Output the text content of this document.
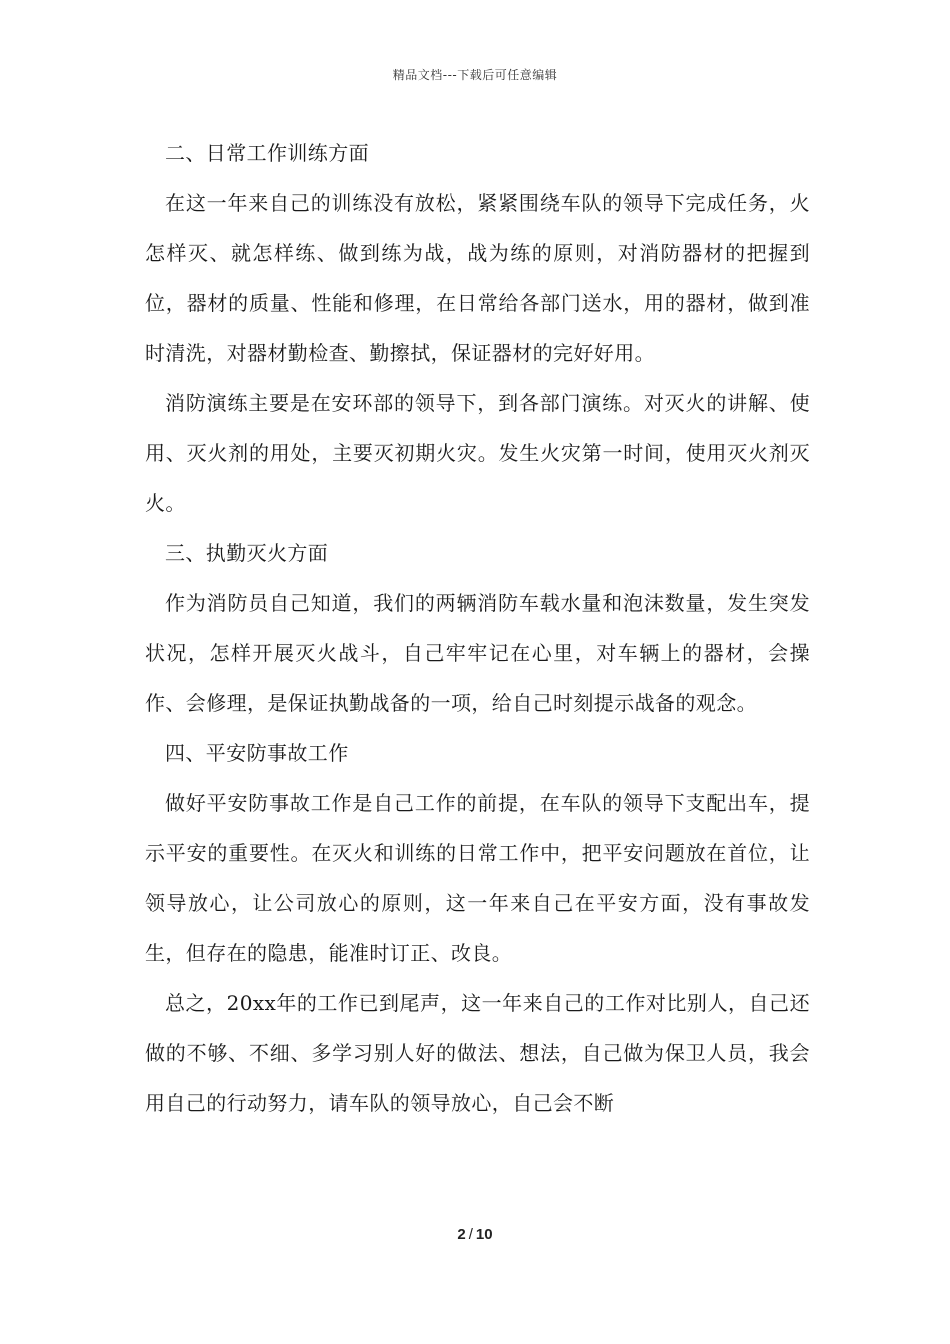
精品文档---下载后可任意编辑

二、日常工作训练方面

在这一年来自己的训练没有放松，紧紧围绕车队的领导下完成任务，火怎样灭、就怎样练、做到练为战，战为练的原则，对消防器材的把握到位，器材的质量、性能和修理，在日常给各部门送水，用的器材，做到准时清洗，对器材勤检查、勤擦拭，保证器材的完好好用。

消防演练主要是在安环部的领导下，到各部门演练。对灭火的讲解、使用、灭火剂的用处，主要灭初期火灾。发生火灾第一时间，使用灭火剂灭火。

三、执勤灭火方面

作为消防员自己知道，我们的两辆消防车载水量和泡沫数量，发生突发状况，怎样开展灭火战斗，自己牢牢记在心里，对车辆上的器材，会操作、会修理，是保证执勤战备的一项，给自己时刻提示战备的观念。

四、平安防事故工作

做好平安防事故工作是自己工作的前提，在车队的领导下支配出车，提示平安的重要性。在灭火和训练的日常工作中，把平安问题放在首位，让领导放心，让公司放心的原则，这一年来自己在平安方面，没有事故发生，但存在的隐患，能准时订正、改良。

总之，20xx年的工作已到尾声，这一年来自己的工作对比别人，自己还做的不够、不细、多学习别人好的做法、想法，自己做为保卫人员，我会用自己的行动努力，请车队的领导放心，自己会不断

2 / 10
